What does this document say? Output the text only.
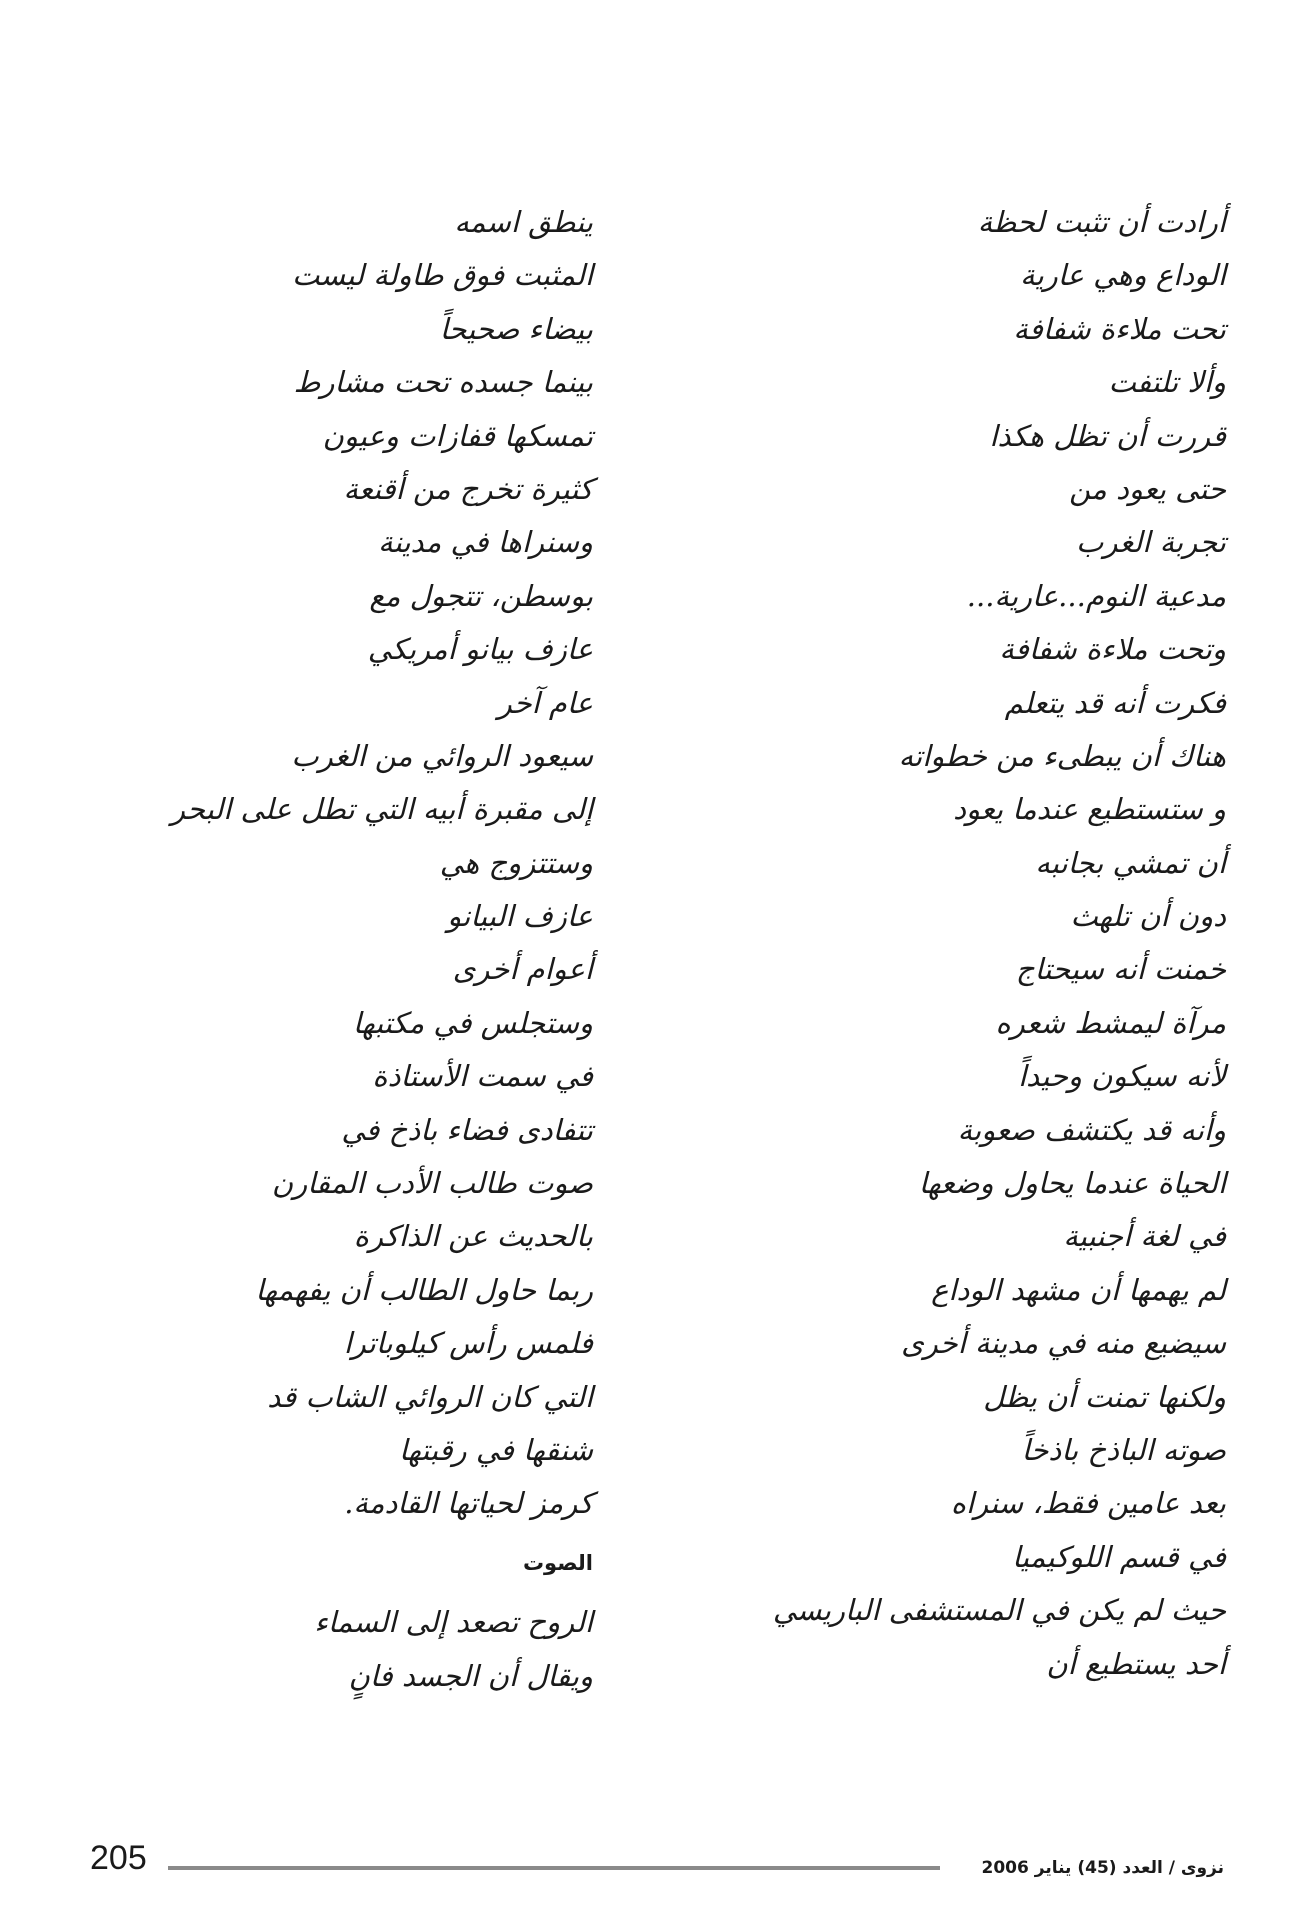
أرادت أن تثبت لحظة
الوداع وهي عارية
تحت ملاءة شفافة
وألا تلتفت
قررت أن تظل هكذا
حتى يعود من
تجربة الغرب
مدعية النوم...عارية...
وتحت ملاءة شفافة
فكرت أنه قد يتعلم
هناك أن يبطىء من خطواته
و ستستطيع عندما يعود
أن تمشي بجانبه
دون أن تلهث
خمنت أنه سيحتاج
مرآة ليمشط شعره
لأنه سيكون وحيداً
وأنه قد يكتشف صعوبة
الحياة عندما يحاول وضعها
في لغة أجنبية
لم يهمها أن مشهد الوداع
سيضيع منه في مدينة أخرى
ولكنها تمنت أن يظل
صوته الباذخ باذخاً
بعد عامين فقط، سنراه
في قسم اللوكيميا
حيث لم يكن في المستشفى الباريسي
أحد يستطيع أن
ينطق اسمه
المثبت فوق طاولة ليست
بيضاء صحيحاً
بينما جسده تحت مشارط
تمسكها قفازات وعيون
كثيرة تخرج من أقنعة
وسنراها في مدينة
بوسطن، تتجول مع
عازف بيانو أمريكي
عام آخر
سيعود الروائي من الغرب
إلى مقبرة أبيه التي تطل على البحر
وستتزوج هي
عازف البيانو
أعوام أخرى
وستجلس في مكتبها
في سمت الأستاذة
تتفادى فضاء باذخ في
صوت طالب الأدب المقارن
بالحديث عن الذاكرة
ربما حاول الطالب أن يفهمها
فلمس رأس كيلوباترا
التي كان الروائي الشاب قد
شنقها في رقبتها
كرمز لحياتها القادمة.
الصوت
الروح تصعد إلى السماء
ويقال أن الجسد فانٍ
205	نزوى / العدد (45) يناير 2006
